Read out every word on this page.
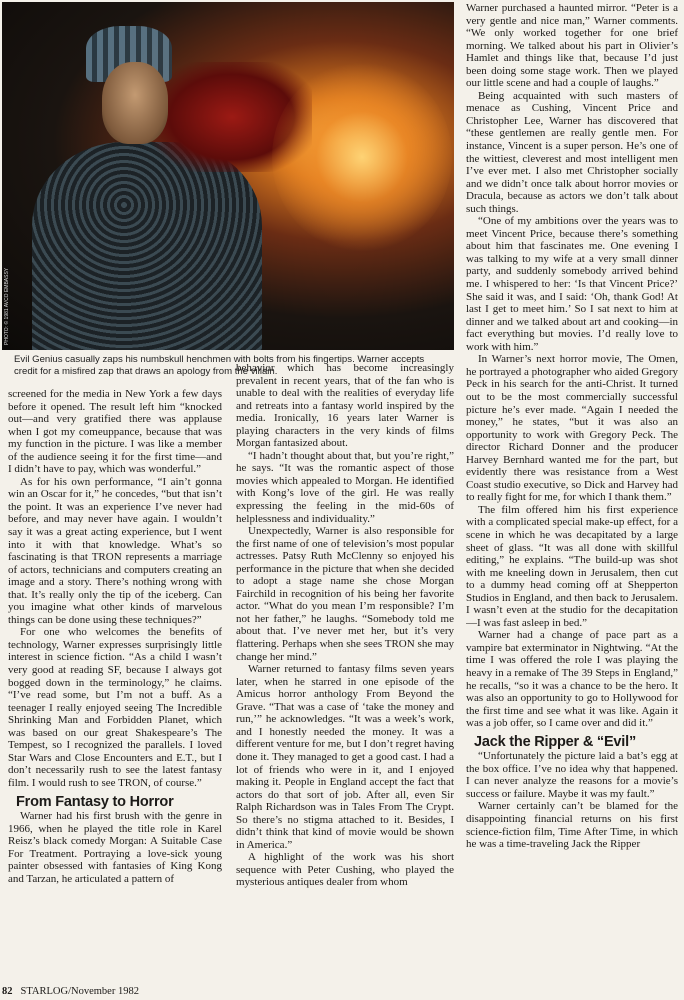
PHOTO: © 1981 AVCO EMBASSY
Evil Genius casually zaps his numbskull henchmen with bolts from his fingertips. Warner accepts credit for a misfired zap that draws an apology from the villain.

screened for the media in New York a few days before it opened. The result left him “knocked out—and very gratified there was applause when I got my comeuppance, because that was my function in the picture. I was like a member of the audience seeing it for the first time—and I didn’t have to pay, which was wonderful.”

As for his own performance, “I ain’t gonna win an Oscar for it,” he concedes, “but that isn’t the point. It was an experience I’ve never had before, and may never have again. I wouldn’t say it was a great acting experience, but I went into it with that knowledge. What’s so fascinating is that TRON represents a marriage of actors, technicians and computers creating an image and a story. There’s nothing wrong with that. It’s really only the tip of the iceberg. Can you imagine what other kinds of marvelous things can be done using these techniques?”

For one who welcomes the benefits of technology, Warner expresses surprisingly little interest in science fiction. “As a child I wasn’t very good at reading SF, because I always got bogged down in the terminology,” he claims. “I’ve read some, but I’m not a buff. As a teenager I really enjoyed seeing The Incredible Shrinking Man and Forbidden Planet, which was based on our great Shakespeare’s The Tempest, so I recognized the parallels. I loved Star Wars and Close Encounters and E.T., but I don’t necessarily rush to see the latest fantasy film. I would rush to see TRON, of course.”

From Fantasy to Horror

Warner had his first brush with the genre in 1966, when he played the title role in Karel Reisz’s black comedy Morgan: A Suitable Case For Treatment. Portraying a love-sick young painter obsessed with fantasies of King Kong and Tarzan, he articulated a pattern of

behavior which has become increasingly prevalent in recent years, that of the fan who is unable to deal with the realities of everyday life and retreats into a fantasy world inspired by the media. Ironically, 16 years later Warner is playing characters in the very kinds of films Morgan fantasized about.

“I hadn’t thought about that, but you’re right,” he says. “It was the romantic aspect of those movies which appealed to Morgan. He identified with Kong’s love of the girl. He was really expressing the feeling in the mid-60s of helplessness and individuality.”

Unexpectedly, Warner is also responsible for the first name of one of television’s most popular actresses. Patsy Ruth McClenny so enjoyed his performance in the picture that when she decided to adopt a stage name she chose Morgan Fairchild in recognition of his being her favorite actor. “What do you mean I’m responsible? I’m not her father,” he laughs. “Somebody told me about that. I’ve never met her, but it’s very flattering. Perhaps when she sees TRON she may change her mind.”

Warner returned to fantasy films seven years later, when he starred in one episode of the Amicus horror anthology From Beyond the Grave. “That was a case of ‘take the money and run,’” he acknowledges. “It was a week’s work, and I honestly needed the money. It was a different venture for me, but I don’t regret having done it. They managed to get a good cast. I had a lot of friends who were in it, and I enjoyed making it. People in England accept the fact that actors do that sort of job. After all, even Sir Ralph Richardson was in Tales From The Crypt. So there’s no stigma attached to it. Besides, I didn’t think that kind of movie would be shown in America.”

A highlight of the work was his short sequence with Peter Cushing, who played the mysterious antiques dealer from whom

Warner purchased a haunted mirror. “Peter is a very gentle and nice man,” Warner comments. “We only worked together for one brief morning. We talked about his part in Olivier’s Hamlet and things like that, because I’d just been doing some stage work. Then we played our little scene and had a couple of laughs.”

Being acquainted with such masters of menace as Cushing, Vincent Price and Christopher Lee, Warner has discovered that “these gentlemen are really gentle men. For instance, Vincent is a super person. He’s one of the wittiest, cleverest and most intelligent men I’ve ever met. I also met Christopher socially and we didn’t once talk about horror movies or Dracula, because as actors we don’t talk about such things.

“One of my ambitions over the years was to meet Vincent Price, because there’s something about him that fascinates me. One evening I was talking to my wife at a very small dinner party, and suddenly somebody arrived behind me. I whispered to her: ‘Is that Vincent Price?’ She said it was, and I said: ‘Oh, thank God! At last I get to meet him.’ So I sat next to him at dinner and we talked about art and cooking—in fact everything but movies. I’d really love to work with him.”

In Warner’s next horror movie, The Omen, he portrayed a photographer who aided Gregory Peck in his search for the anti-Christ. It turned out to be the most commercially successful picture he’s ever made. “Again I needed the money,” he states, “but it was also an opportunity to work with Gregory Peck. The director Richard Donner and the producer Harvey Bernhard wanted me for the part, but evidently there was resistance from a West Coast studio executive, so Dick and Harvey had to really fight for me, for which I thank them.”

The film offered him his first experience with a complicated special make-up effect, for a scene in which he was decapitated by a large sheet of glass. “It was all done with skillful editing,” he explains. “The build-up was shot with me kneeling down in Jerusalem, then cut to a dummy head coming off at Shepperton Studios in England, and then back to Jerusalem. I wasn’t even at the studio for the decapitation—I was fast asleep in bed.”

Warner had a change of pace part as a vampire bat exterminator in Nightwing. “At the time I was offered the role I was playing the heavy in a remake of The 39 Steps in England,” he recalls, “so it was a chance to be the hero. It was also an opportunity to go to Hollywood for the first time and see what it was like. Again it was a job offer, so I came over and did it.”

Jack the Ripper & “Evil”

“Unfortunately the picture laid a bat’s egg at the box office. I’ve no idea why that happened. I can never analyze the reasons for a movie’s success or failure. Maybe it was my fault.”

Warner certainly can’t be blamed for the disappointing financial returns on his first science-fiction film, Time After Time, in which he was a time-traveling Jack the Ripper

82 STARLOG/November 1982
